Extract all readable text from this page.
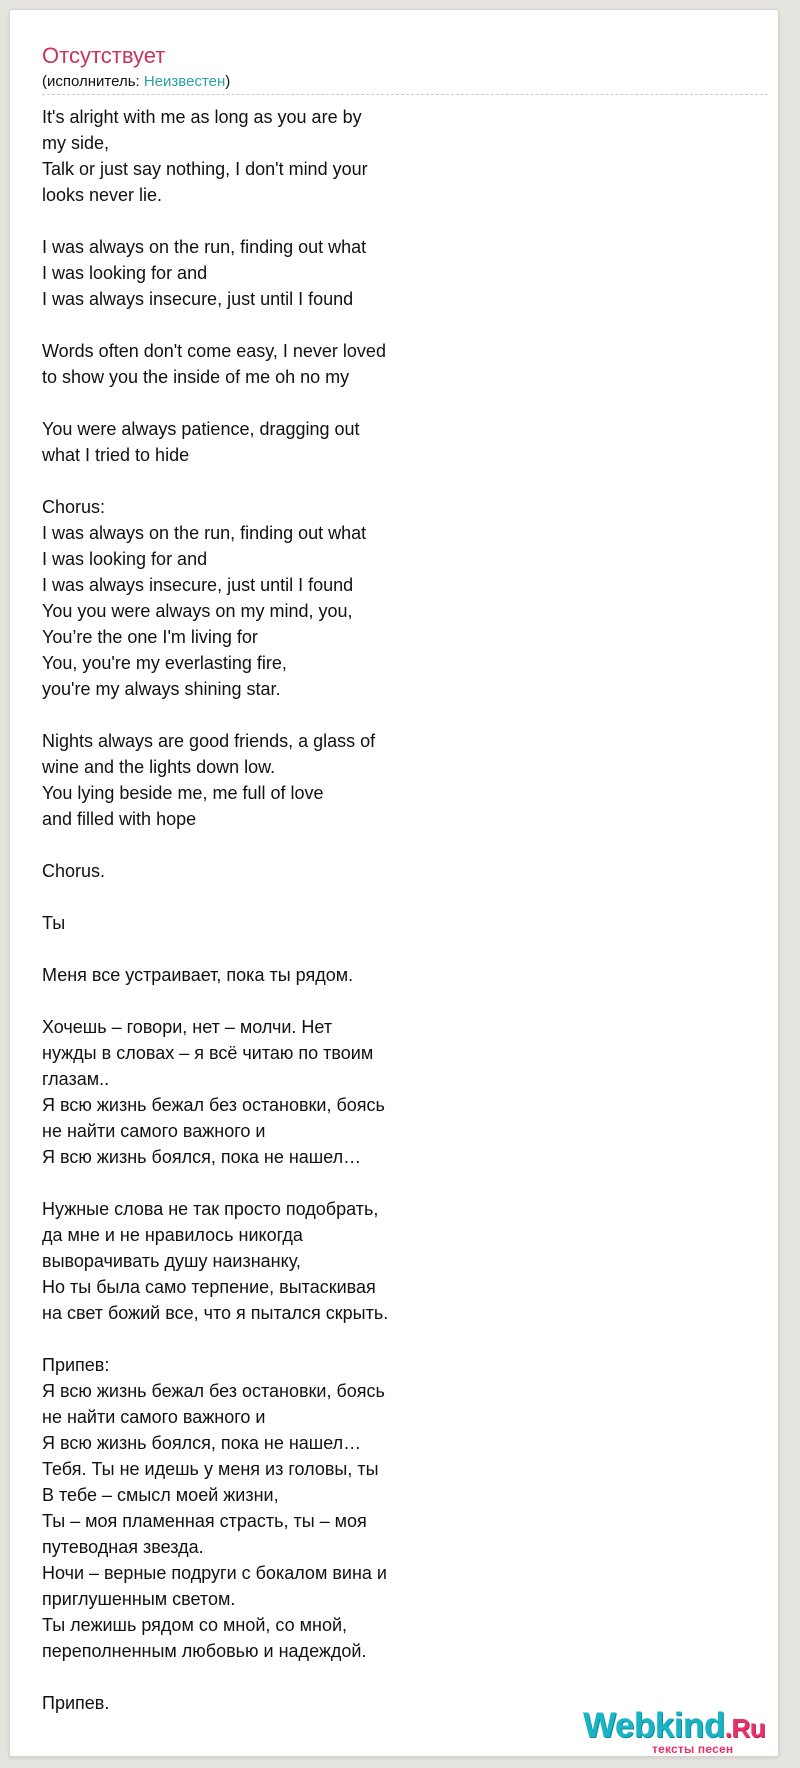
Отсутствует
(исполнитель: Неизвестен)
It's alright with me as long as you are by
my side,
Talk or just say nothing, I don't mind your
looks never lie.
I was always on the run, finding out what
I was looking for and
I was always insecure, just until I found
Words often don't come easy, I never loved
to show you the inside of me oh no my
You were always patience, dragging out
what I tried to hide
Chorus:
I was always on the run, finding out what
I was looking for and
I was always insecure, just until I found
You you were always on my mind, you,
You’re the one I'm living for
You, you're my everlasting fire,
you're my always shining star.
Nights always are good friends, a glass of
wine and the lights down low.
You lying beside me, me full of love
and filled with hope
Chorus.
Ты
Меня все устраивает, пока ты рядом.
Хочешь – говори, нет – молчи. Нет
нужды в словах – я всё читаю по твоим
глазам..
Я всю жизнь бежал без остановки, боясь
не найти самого важного и
Я всю жизнь боялся, пока не нашел…
Нужные слова не так просто подобрать,
да мне и не нравилось никогда
выворачивать душу наизнанку,
Но ты была само терпение, вытаскивая
на свет божий все, что я пытался скрыть.
Припев:
Я всю жизнь бежал без остановки, боясь
не найти самого важного и
Я всю жизнь боялся, пока не нашел…
Тебя. Ты не идешь у меня из головы, ты
В тебе – смысл моей жизни,
Ты – моя пламенная страсть, ты – моя
путеводная звезда.
Ночи – верные подруги с бокалом вина и
приглушенным светом.
Ты лежишь рядом со мной, со мной,
переполненным любовью и надеждой.
Припев.
Webkind.Ru
тексты песен
